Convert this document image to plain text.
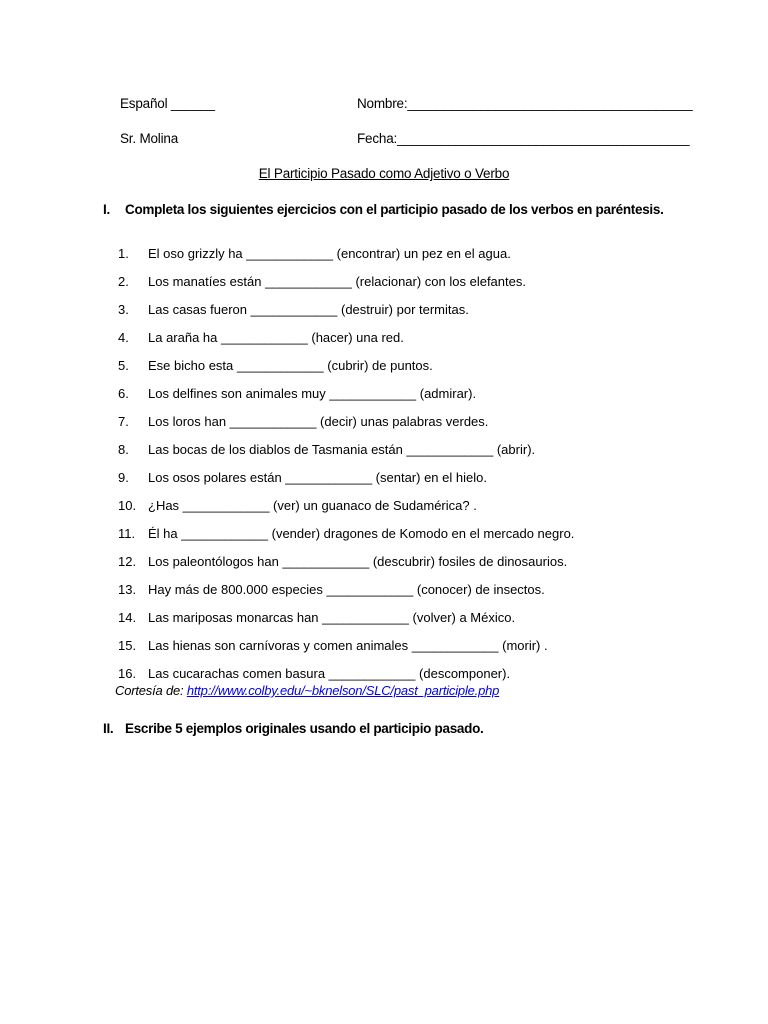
Español ______	Nombre:_______________________________________
Sr. Molina	Fecha:________________________________________
El Participio Pasado como Adjetivo o Verbo
I. Completa los siguientes ejercicios con el participio pasado de los verbos en paréntesis.
1. El oso grizzly ha ____________ (encontrar) un pez en el agua.
2. Los manatíes están ____________ (relacionar) con los elefantes.
3. Las casas fueron ____________ (destruir) por termitas.
4. La araña ha ____________ (hacer) una red.
5. Ese bicho esta ____________ (cubrir) de puntos.
6. Los delfines son animales muy ____________ (admirar).
7. Los loros han ____________ (decir) unas palabras verdes.
8. Las bocas de los diablos de Tasmania están ____________ (abrir).
9. Los osos polares están ____________ (sentar) en el hielo.
10. ¿Has ____________ (ver) un guanaco de Sudamérica? .
11. Él ha ____________ (vender) dragones de Komodo en el mercado negro.
12. Los paleontólogos han ____________ (descubrir) fosiles de dinosaurios.
13. Hay más de 800.000 especies ____________ (conocer) de insectos.
14. Las mariposas monarcas han ____________ (volver) a México.
15. Las hienas son carnívoras y comen animales ____________ (morir) .
16. Las cucarachas comen basura ____________ (descomponer).
Cortesía de: http://www.colby.edu/~bknelson/SLC/past_participle.php
II. Escribe 5 ejemplos originales usando el participio pasado.
